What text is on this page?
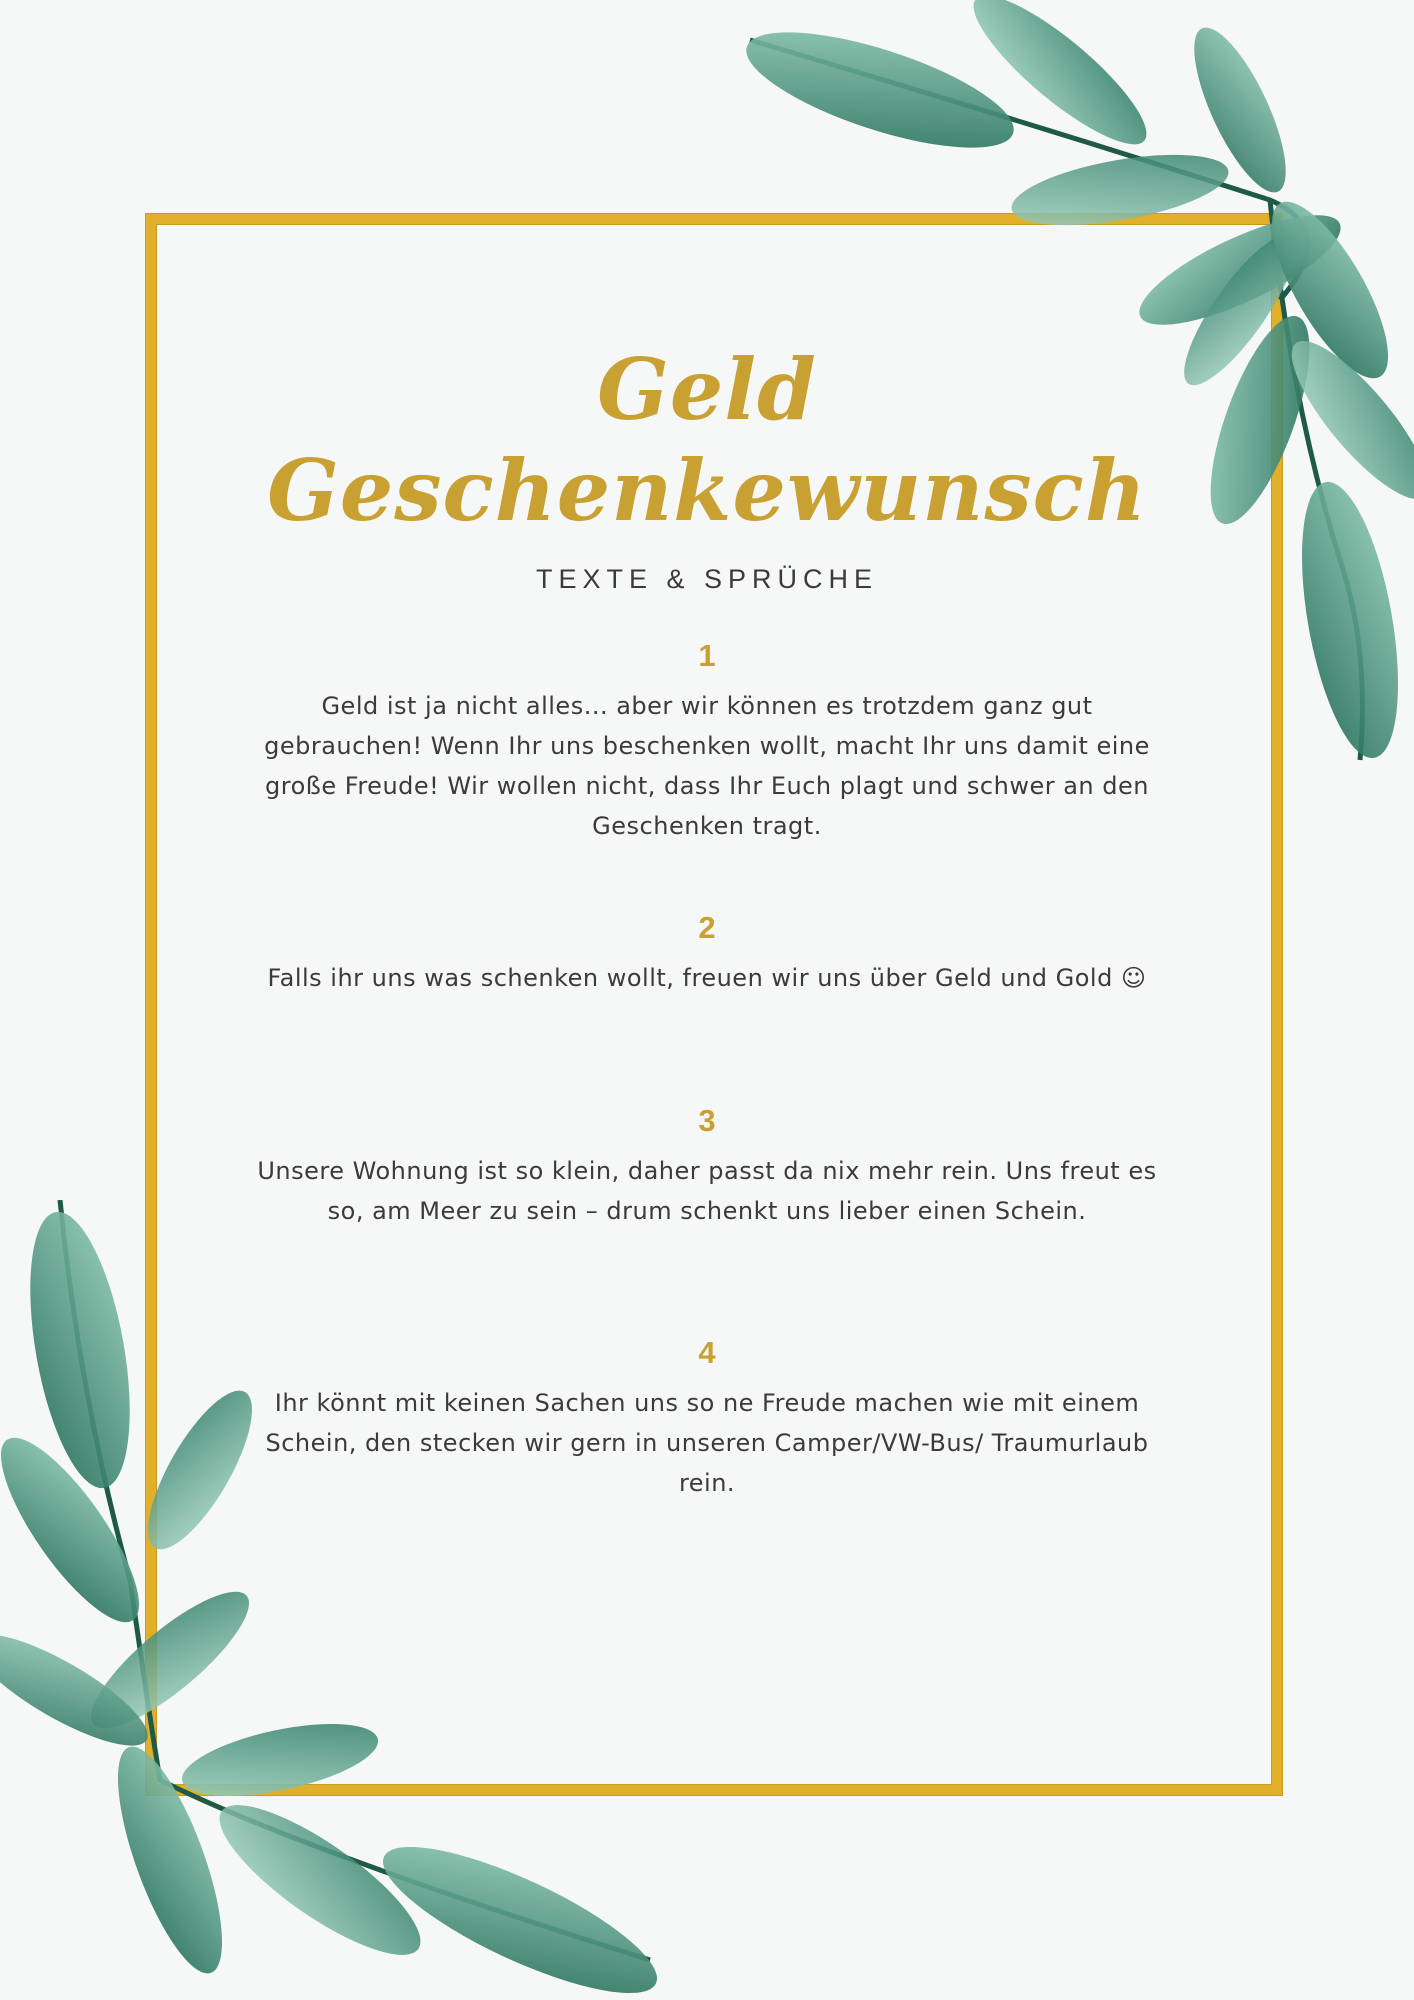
Geld Geschenkewunsch
TEXTE & SPRÜCHE
1
Geld ist ja nicht alles... aber wir können es trotzdem ganz gut gebrauchen! Wenn Ihr uns beschenken wollt, macht Ihr uns damit eine große Freude! Wir wollen nicht, dass Ihr Euch plagt und schwer an den Geschenken tragt.
2
Falls ihr uns was schenken wollt, freuen wir uns über Geld und Gold ☺
3
Unsere Wohnung ist so klein, daher passt da nix mehr rein. Uns freut es so, am Meer zu sein – drum schenkt uns lieber einen Schein.
4
Ihr könnt mit keinen Sachen uns so ne Freude machen wie mit einem Schein, den stecken wir gern in unseren Camper/VW-Bus/ Traumurlaub rein.
